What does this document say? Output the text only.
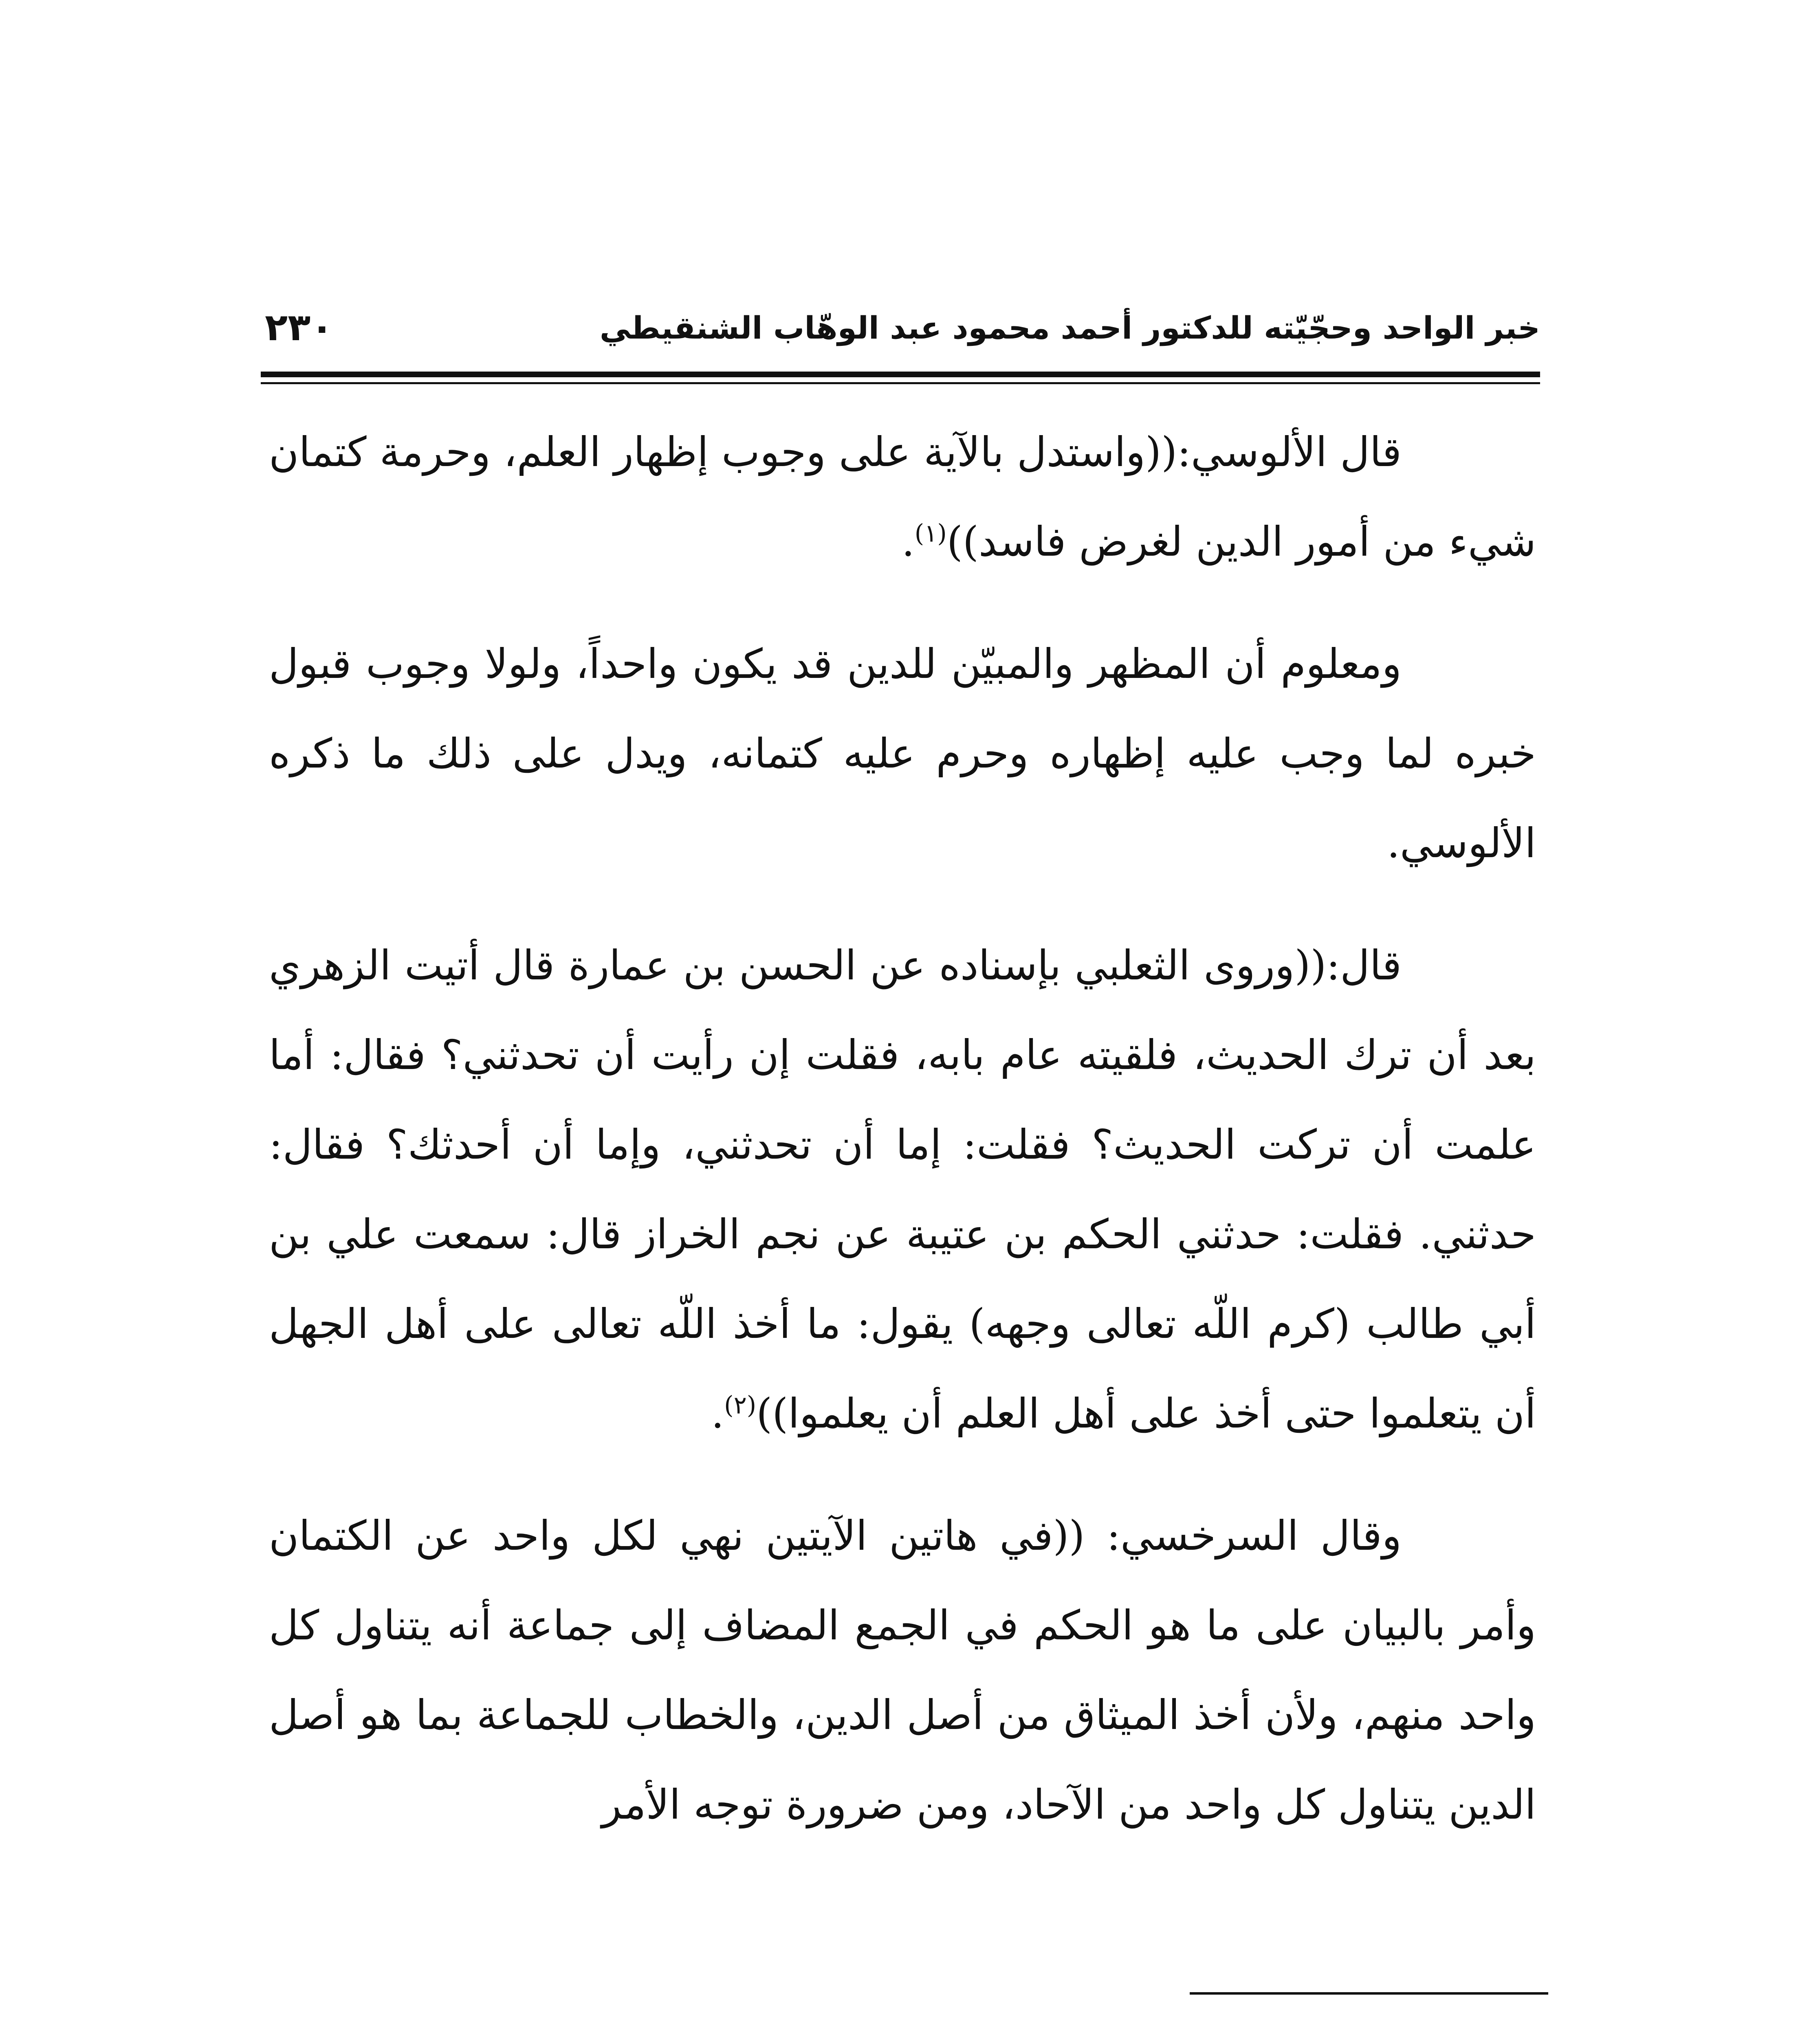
خبر الواحد وحجّيّته للدكتور أحمد محمود عبد الوهّاب الشنقيطي
٢٣٠

قال الألوسي:((واستدل بالآية على وجوب إظهار العلم، وحرمة كتمان شيء من أمور الدين لغرض فاسد))$^{(١)}$.

ومعلوم أن المظهر والمبيّن للدين قد يكون واحداً، ولولا وجوب قبول خبره لما وجب عليه إظهاره وحرم عليه كتمانه، ويدل على ذلك ما ذكره الألوسي.

قال:((وروى الثعلبي بإسناده عن الحسن بن عمارة قال أتيت الزهري بعد أن ترك الحديث، فلقيته عام بابه، فقلت إن رأيت أن تحدثني؟ فقال: أما علمت أن تركت الحديث؟ فقلت: إما أن تحدثني، وإما أن أحدثك؟ فقال: حدثني. فقلت: حدثني الحكم بن عتيبة عن نجم الخراز قال: سمعت علي بن أبي طالب (كرم اللّه تعالى وجهه) يقول: ما أخذ اللّه تعالى على أهل الجهل أن يتعلموا حتى أخذ على أهل العلم أن يعلموا))$^{(٢)}$.

وقال السرخسي: ((في هاتين الآيتين نهي لكل واحد عن الكتمان وأمر بالبيان على ما هو الحكم في الجمع المضاف إلى جماعة أنه يتناول كل واحد منهم، ولأن أخذ الميثاق من أصل الدين، والخطاب للجماعة بما هو أصل الدين يتناول كل واحد من الآحاد، ومن ضرورة توجه الأمر
